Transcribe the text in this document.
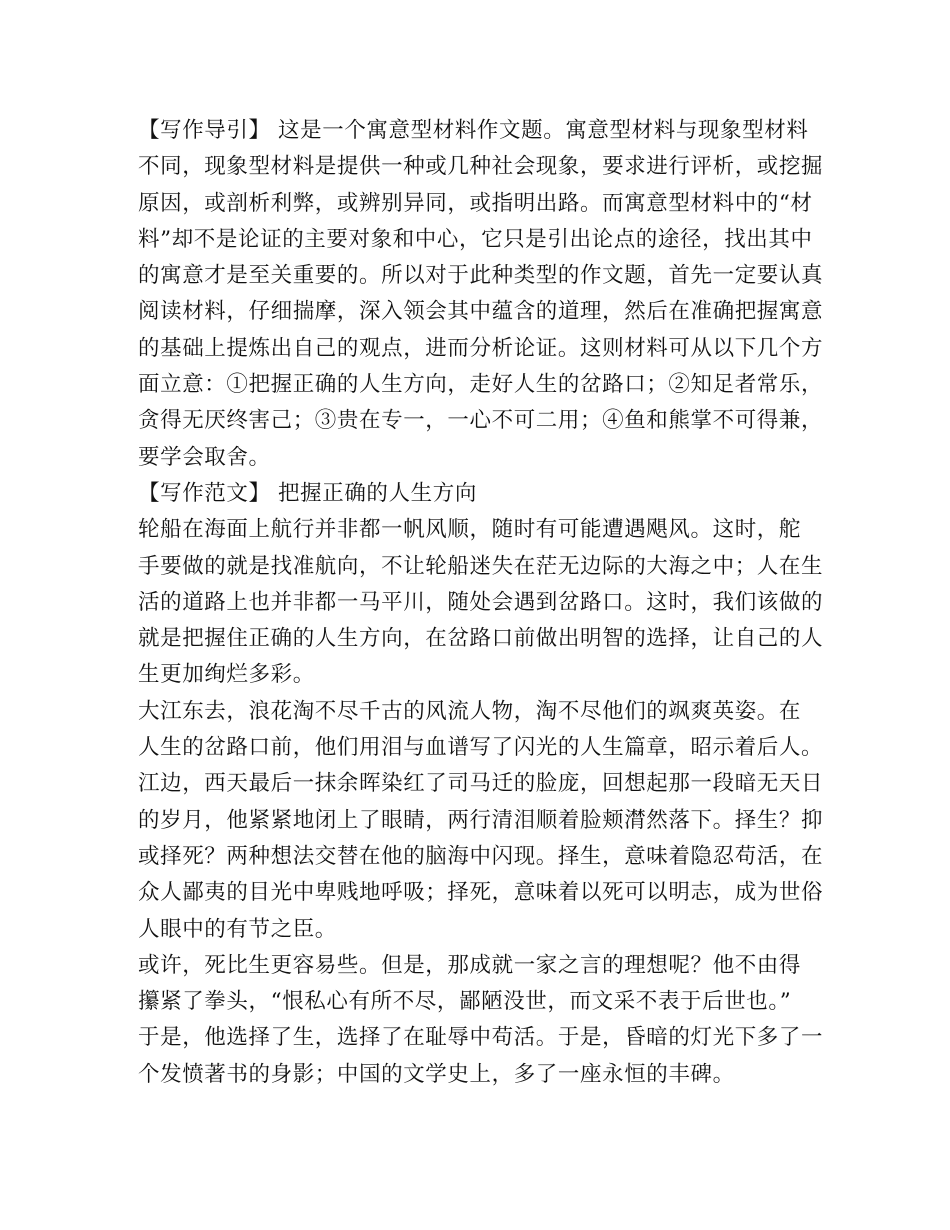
【写作导引】 这是一个寓意型材料作文题。寓意型材料与现象型材料
不同，现象型材料是提供一种或几种社会现象，要求进行评析，或挖掘
原因，或剖析利弊，或辨别异同，或指明出路。而寓意型材料中的“材
料”却不是论证的主要对象和中心，它只是引出论点的途径，找出其中
的寓意才是至关重要的。所以对于此种类型的作文题，首先一定要认真
阅读材料，仔细揣摩，深入领会其中蕴含的道理，然后在准确把握寓意
的基础上提炼出自己的观点，进而分析论证。这则材料可从以下几个方
面立意：①把握正确的人生方向，走好人生的岔路口；②知足者常乐，
贪得无厌终害己；③贵在专一，一心不可二用；④鱼和熊掌不可得兼，
要学会取舍。
【写作范文】 把握正确的人生方向
轮船在海面上航行并非都一帆风顺，随时有可能遭遇飓风。这时，舵
手要做的就是找准航向，不让轮船迷失在茫无边际的大海之中；人在生
活的道路上也并非都一马平川，随处会遇到岔路口。这时，我们该做的
就是把握住正确的人生方向，在岔路口前做出明智的选择，让自己的人
生更加绚烂多彩。
大江东去，浪花淘不尽千古的风流人物，淘不尽他们的飒爽英姿。在
人生的岔路口前，他们用泪与血谱写了闪光的人生篇章，昭示着后人。
江边，西天最后一抹余晖染红了司马迁的脸庞，回想起那一段暗无天日
的岁月，他紧紧地闭上了眼睛，两行清泪顺着脸颊潸然落下。择生？抑
或择死？两种想法交替在他的脑海中闪现。择生，意味着隐忍苟活，在
众人鄙夷的目光中卑贱地呼吸；择死，意味着以死可以明志，成为世俗
人眼中的有节之臣。
或许，死比生更容易些。但是，那成就一家之言的理想呢？他不由得
攥紧了拳头，“恨私心有所不尽，鄙陋没世，而文采不表于后世也。”
于是，他选择了生，选择了在耻辱中苟活。于是，昏暗的灯光下多了一
个发愤著书的身影；中国的文学史上，多了一座永恒的丰碑。
